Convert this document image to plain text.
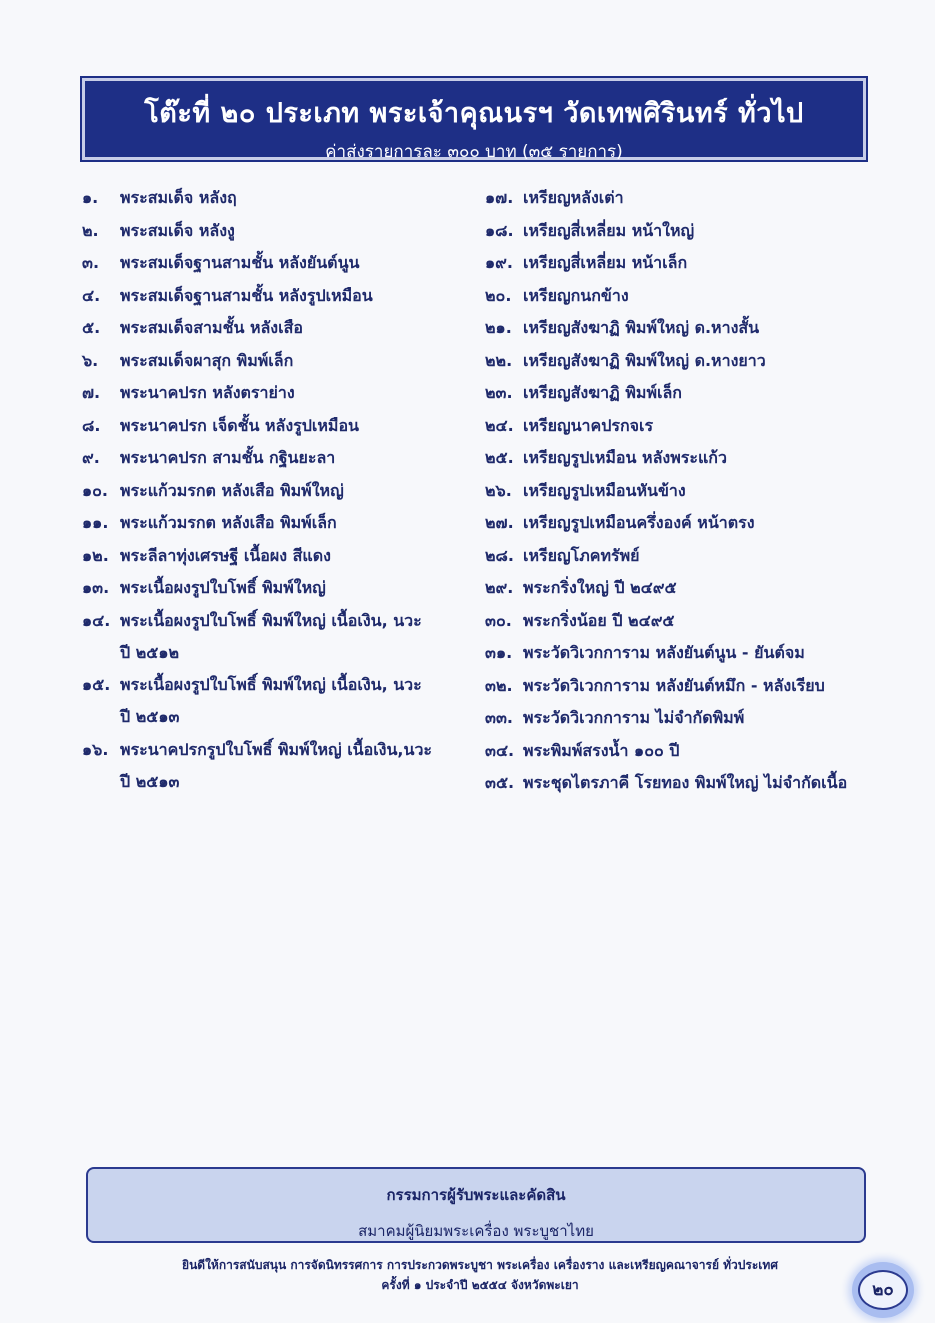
โต๊ะที่ ๒๐ ประเภท พระเจ้าคุณนรฯ วัดเทพศิรินทร์ ทั่วไป
ค่าส่งรายการละ ๓๐๐ บาท (๓๕ รายการ)
๑.	พระสมเด็จ หลังฤ
๒.	พระสมเด็จ หลังงู
๓.	พระสมเด็จฐานสามชั้น หลังยันต์นูน
๔.	พระสมเด็จฐานสามชั้น หลังรูปเหมือน
๕.	พระสมเด็จสามชั้น หลังเสือ
๖.	พระสมเด็จผาสุก พิมพ์เล็ก
๗.	พระนาคปรก หลังตราย่าง
๘.	พระนาคปรก เจ็ดชั้น หลังรูปเหมือน
๙.	พระนาคปรก สามชั้น กฐินยะลา
๑๐. พระแก้วมรกต หลังเสือ พิมพ์ใหญ่
๑๑. พระแก้วมรกต หลังเสือ พิมพ์เล็ก
๑๒. พระลีลาทุ่งเศรษฐี เนื้อผง สีแดง
๑๓. พระเนื้อผงรูปใบโพธิ์ พิมพ์ใหญ่
๑๔. พระเนื้อผงรูปใบโพธิ์ พิมพ์ใหญ่ เนื้อเงิน, นวะ
ปี ๒๕๑๒
๑๕. พระเนื้อผงรูปใบโพธิ์ พิมพ์ใหญ่ เนื้อเงิน, นวะ
ปี ๒๕๑๓
๑๖. พระนาคปรกรูปใบโพธิ์ พิมพ์ใหญ่ เนื้อเงิน,นวะ
ปี ๒๕๑๓
๑๗. เหรียญหลังเต่า
๑๘. เหรียญสี่เหลี่ยม หน้าใหญ่
๑๙. เหรียญสี่เหลี่ยม หน้าเล็ก
๒๐. เหรียญกนกข้าง
๒๑. เหรียญสังฆาฏิ พิมพ์ใหญ่ ด.หางสั้น
๒๒. เหรียญสังฆาฏิ พิมพ์ใหญ่ ด.หางยาว
๒๓. เหรียญสังฆาฏิ พิมพ์เล็ก
๒๔. เหรียญนาคปรกจเร
๒๕. เหรียญรูปเหมือน หลังพระแก้ว
๒๖. เหรียญรูปเหมือนหันข้าง
๒๗. เหรียญรูปเหมือนครึ่งองค์ หน้าตรง
๒๘. เหรียญโภคทรัพย์
๒๙. พระกริ่งใหญ่ ปี ๒๔๙๕
๓๐. พระกริ่งน้อย ปี ๒๔๙๕
๓๑. พระวัดวิเวกการาม หลังยันต์นูน - ยันต์จม
๓๒. พระวัดวิเวกการาม หลังยันต์หมึก - หลังเรียบ
๓๓. พระวัดวิเวกการาม ไม่จำกัดพิมพ์
๓๔. พระพิมพ์สรงน้ำ ๑๐๐ ปี
๓๕. พระชุดไตรภาคี โรยทอง พิมพ์ใหญ่ ไม่จำกัดเนื้อ
กรรมการผู้รับพระและคัดสิน
สมาคมผู้นิยมพระเครื่อง พระบูชาไทย
ยินดีให้การสนับสนุน การจัดนิทรรศการ การประกวดพระบูชา พระเครื่อง เครื่องราง และเหรียญคณาจารย์ ทั่วประเทศ
ครั้งที่ ๑ ประจำปี ๒๕๕๔ จังหวัดพะเยา	๒๐
